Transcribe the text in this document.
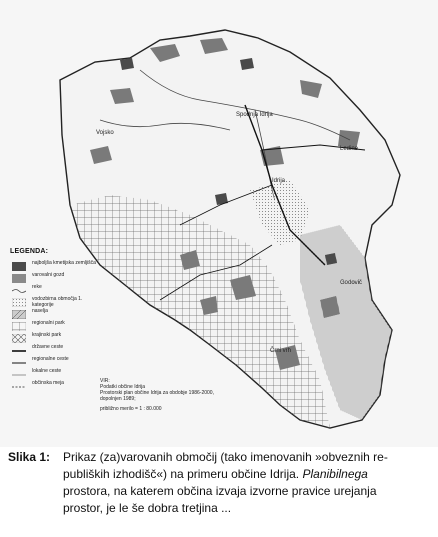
Spodnja Idrija
Vojsko
Ledine
Idrija
Godovič
Črni vrh
LEGENDA:
najboljša kmetijska zemljišča
varovalni gozd
reke
vodozbirna območja 1. kategorije
naselja
regionalni park
krajinski park
državne ceste
regionalne ceste
lokalne ceste
občinska meja	VIR:
Podatki občine Idrija
Prostorski plan občine Idrija za obdobje 1986-2000,
dopolnjen 1989;
približno merilo = 1 : 80.000
Slika 1: Prikaz (za)varovanih območij (tako imenovanih »obveznih re-
publiških izhodišč«) na primeru občine Idrija. Planibilnega
prostora, na katerem občina izvaja izvorne pravice urejanja
prostor, je le še dobra tretjina ...
